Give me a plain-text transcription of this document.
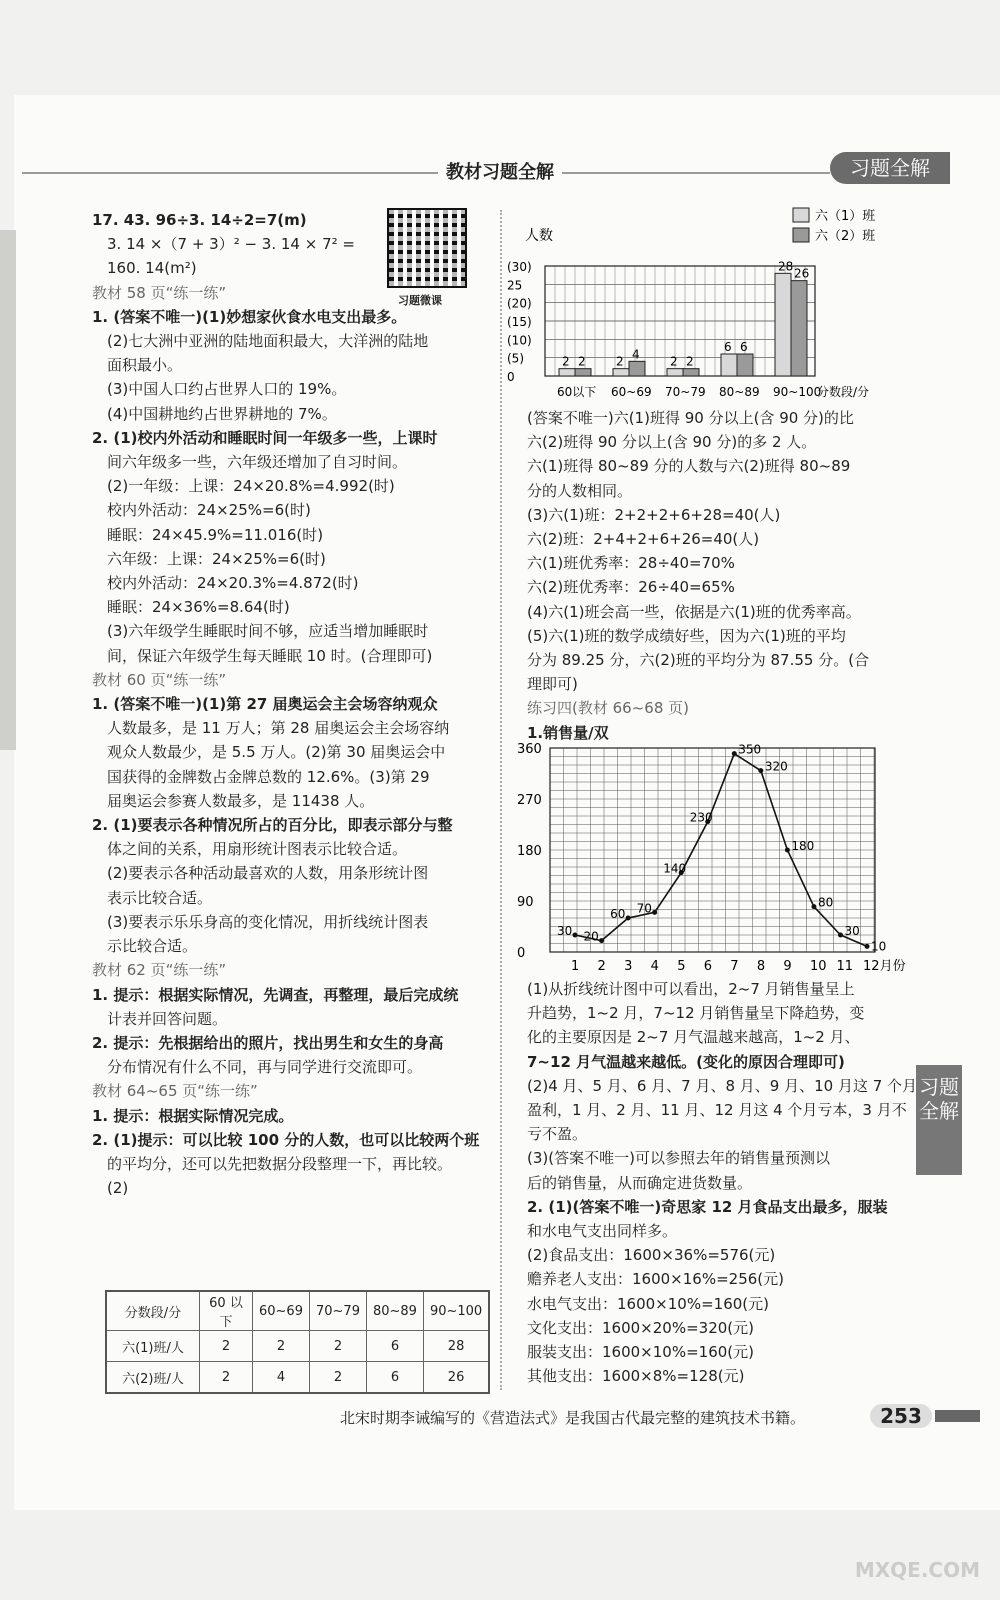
教材习题全解	习题全解
习题全解
习题微课
17. 43. 96÷3. 14÷2=7(m)
　3. 14 ×（7 + 3）² − 3. 14 × 7² =
　160. 14(m²)
教材 58 页“练一练”
1. (答案不唯一)(1)妙想家伙食水电支出最多。
　(2)七大洲中亚洲的陆地面积最大，大洋洲的陆地
　面积最小。
　(3)中国人口约占世界人口的 19%。
　(4)中国耕地约占世界耕地的 7%。
2. (1)校内外活动和睡眠时间一年级多一些，上课时
　间六年级多一些，六年级还增加了自习时间。
　(2)一年级：上课：24×20.8%=4.992(时)
　校内外活动：24×25%=6(时)
　睡眠：24×45.9%=11.016(时)
　六年级：上课：24×25%=6(时)
　校内外活动：24×20.3%=4.872(时)
　睡眠：24×36%=8.64(时)
　(3)六年级学生睡眠时间不够，应适当增加睡眠时
　间，保证六年级学生每天睡眠 10 时。(合理即可)
教材 60 页“练一练”
1. (答案不唯一)(1)第 27 届奥运会主会场容纳观众
　人数最多，是 11 万人；第 28 届奥运会主会场容纳
　观众人数最少，是 5.5 万人。(2)第 30 届奥运会中
　国获得的金牌数占金牌总数的 12.6%。(3)第 29
　届奥运会参赛人数最多，是 11438 人。
2. (1)要表示各种情况所占的百分比，即表示部分与整
　体之间的关系，用扇形统计图表示比较合适。
　(2)要表示各种活动最喜欢的人数，用条形统计图
　表示比较合适。
　(3)要表示乐乐身高的变化情况，用折线统计图表
　示比较合适。
教材 62 页“练一练”
1. 提示：根据实际情况，先调查，再整理，最后完成统
　计表并回答问题。
2. 提示：先根据给出的照片，找出男生和女生的身高
　分布情况有什么不同，再与同学进行交流即可。
教材 64~65 页“练一练”
1. 提示：根据实际情况完成。
2. (1)提示：可以比较 100 分的人数，也可以比较两个班
　的平均分，还可以先把数据分段整理一下，再比较。
　(2)
分数段/分	60 以下	60~69	70~79	80~89	90~100
六(1)班/人	2	2	2	6	28
六(2)班/人	2	4	2	6	26
人数
(30)
25
(20)
(15)
(10)
(5)
0
60以下
2 2
60~69
2
4
70~79
2 2
80~89
6 6
90~100
28
26
分数段/分
六（1）班
六（2）班
(答案不唯一)六(1)班得 90 分以上(含 90 分)的比
六(2)班得 90 分以上(含 90 分)的多 2 人。
六(1)班得 80~89 分的人数与六(2)班得 80~89
分的人数相同。
(3)六(1)班：2+2+2+6+28=40(人)
六(2)班：2+4+2+6+26=40(人)
六(1)班优秀率：28÷40=70%
六(2)班优秀率：26÷40=65%
(4)六(1)班会高一些，依据是六(1)班的优秀率高。
(5)六(1)班的数学成绩好些，因为六(1)班的平均
分为 89.25 分，六(2)班的平均分为 87.55 分。(合
理即可)
练习四(教材 66~68 页)
1.销售量/双
0
90
180
270
360
1 2 3 4 5 6 7 8 9 10 11 12月份
30 20
60 70
140
230
350
320
180
80
30
10
(1)从折线统计图中可以看出，2~7 月销售量呈上
升趋势，1~2 月，7~12 月销售量呈下降趋势，变
化的主要原因是 2~7 月气温越来越高，1~2 月、
7~12 月气温越来越低。(变化的原因合理即可)
(2)4 月、5 月、6 月、7 月、8 月、9 月、10 月这 7 个月
盈利，1 月、2 月、11 月、12 月这 4 个月亏本，3 月不
亏不盈。
(3)(答案不唯一)可以参照去年的销售量预测以
后的销售量，从而确定进货数量。
2. (1)(答案不唯一)奇思家 12 月食品支出最多，服装
和水电气支出同样多。
(2)食品支出：1600×36%=576(元)
赡养老人支出：1600×16%=256(元)
水电气支出：1600×10%=160(元)
文化支出：1600×20%=320(元)
服装支出：1600×10%=160(元)
其他支出：1600×8%=128(元)
北宋时期李诫编写的《营造法式》是我国古代最完整的建筑技术书籍。	253
MXQE.COM
